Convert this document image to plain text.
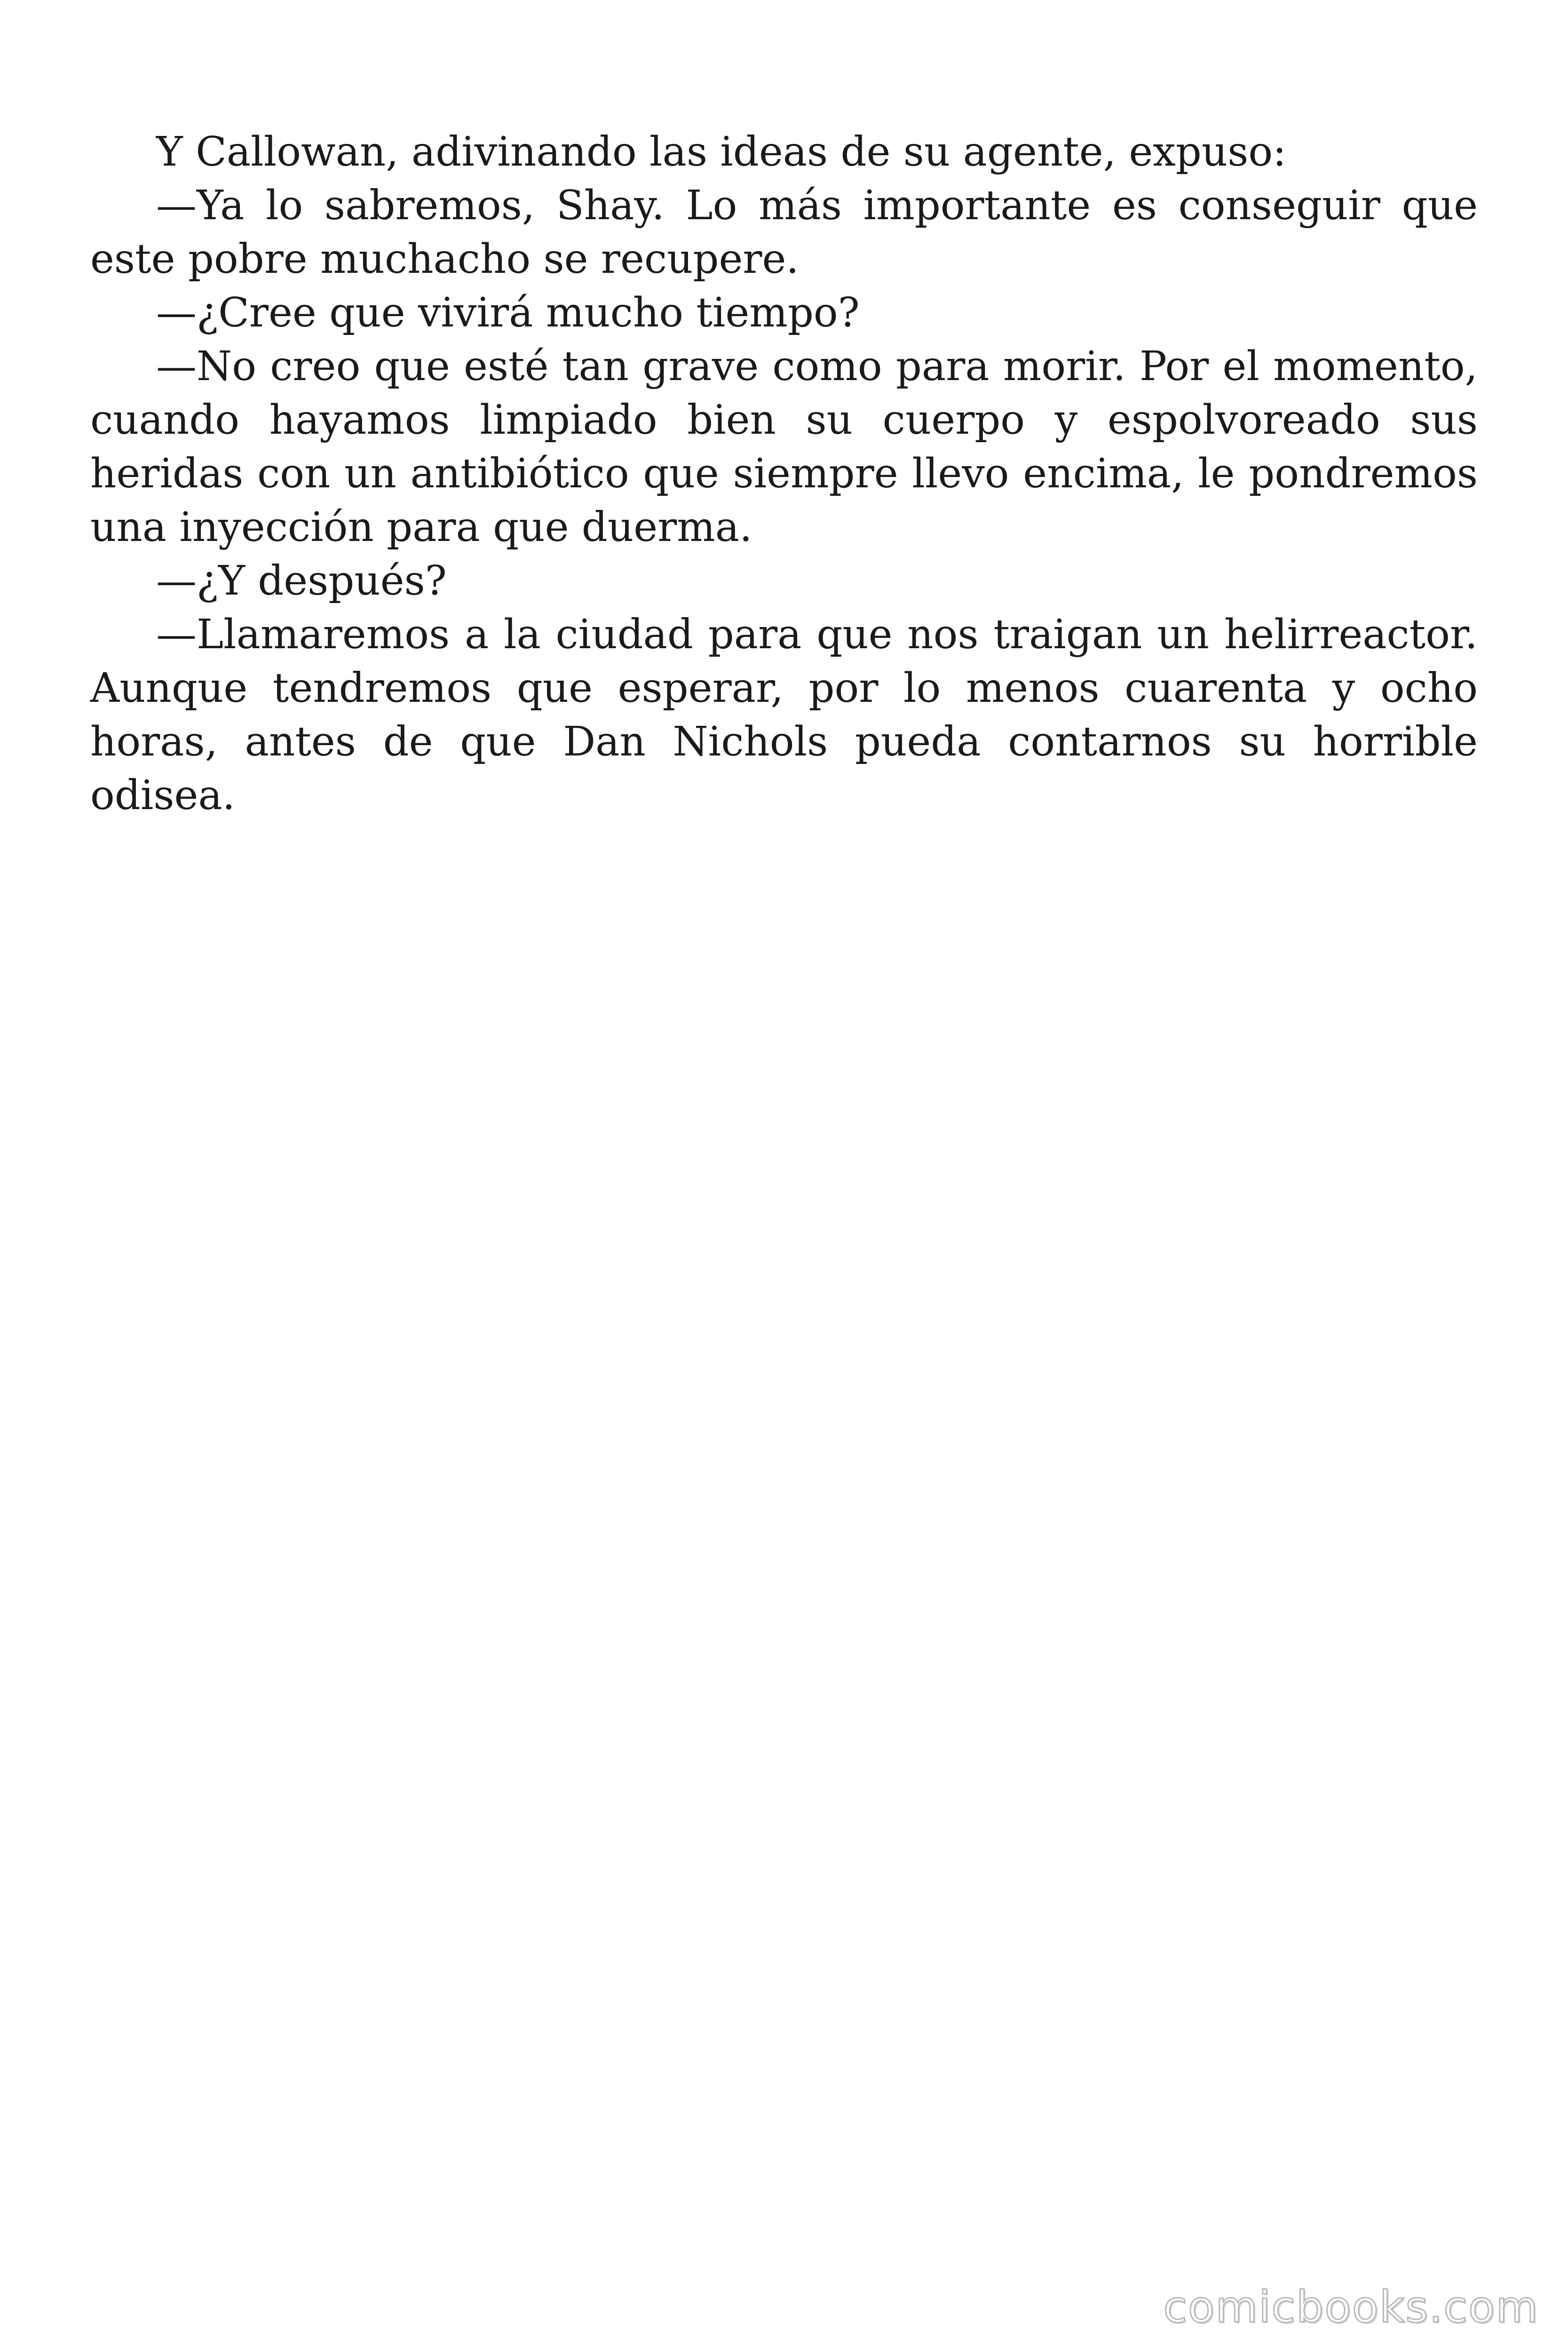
Y Callowan, adivinando las ideas de su agente, expuso:

—Ya lo sabremos, Shay. Lo más importante es conseguir que este pobre muchacho se recupere.

—¿Cree que vivirá mucho tiempo?

—No creo que esté tan grave como para morir. Por el momento, cuando hayamos limpiado bien su cuerpo y espolvoreado sus heridas con un antibiótico que siempre llevo encima, le pondremos una inyección para que duerma.

—¿Y después?

—Llamaremos a la ciudad para que nos traigan un helirreactor. Aunque tendremos que esperar, por lo menos cuarenta y ocho horas, antes de que Dan Nichols pueda contarnos su horrible odisea.

comicbooks.com
